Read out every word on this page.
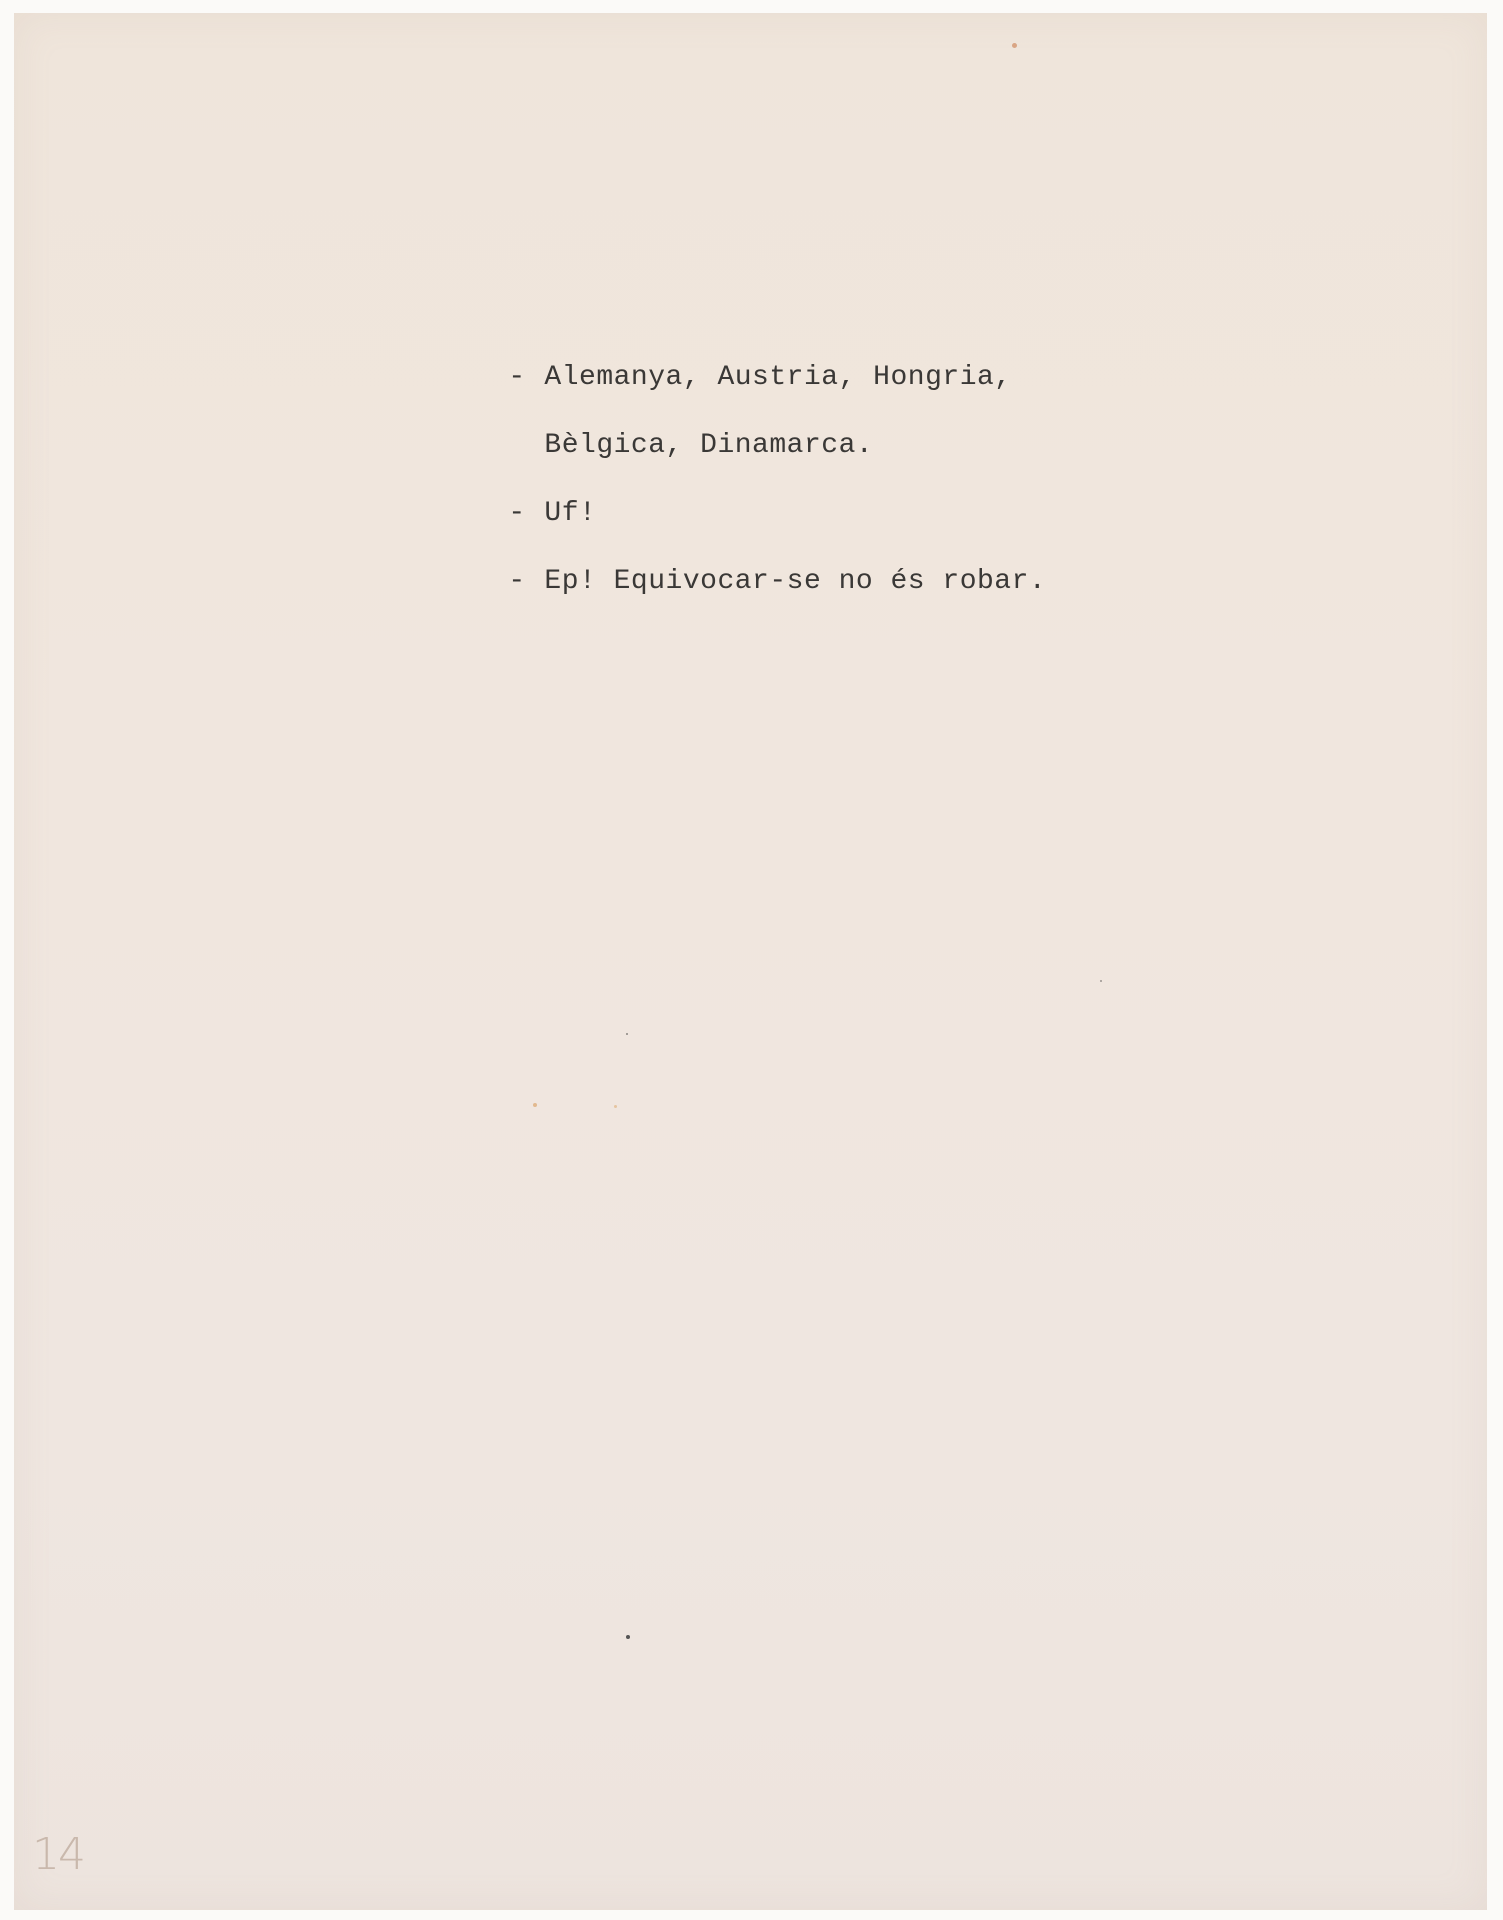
- Alemanya, Austria, Hongria,

Bèlgica, Dinamarca.

- Uf!

- Ep! Equivocar-se no és robar.

14
